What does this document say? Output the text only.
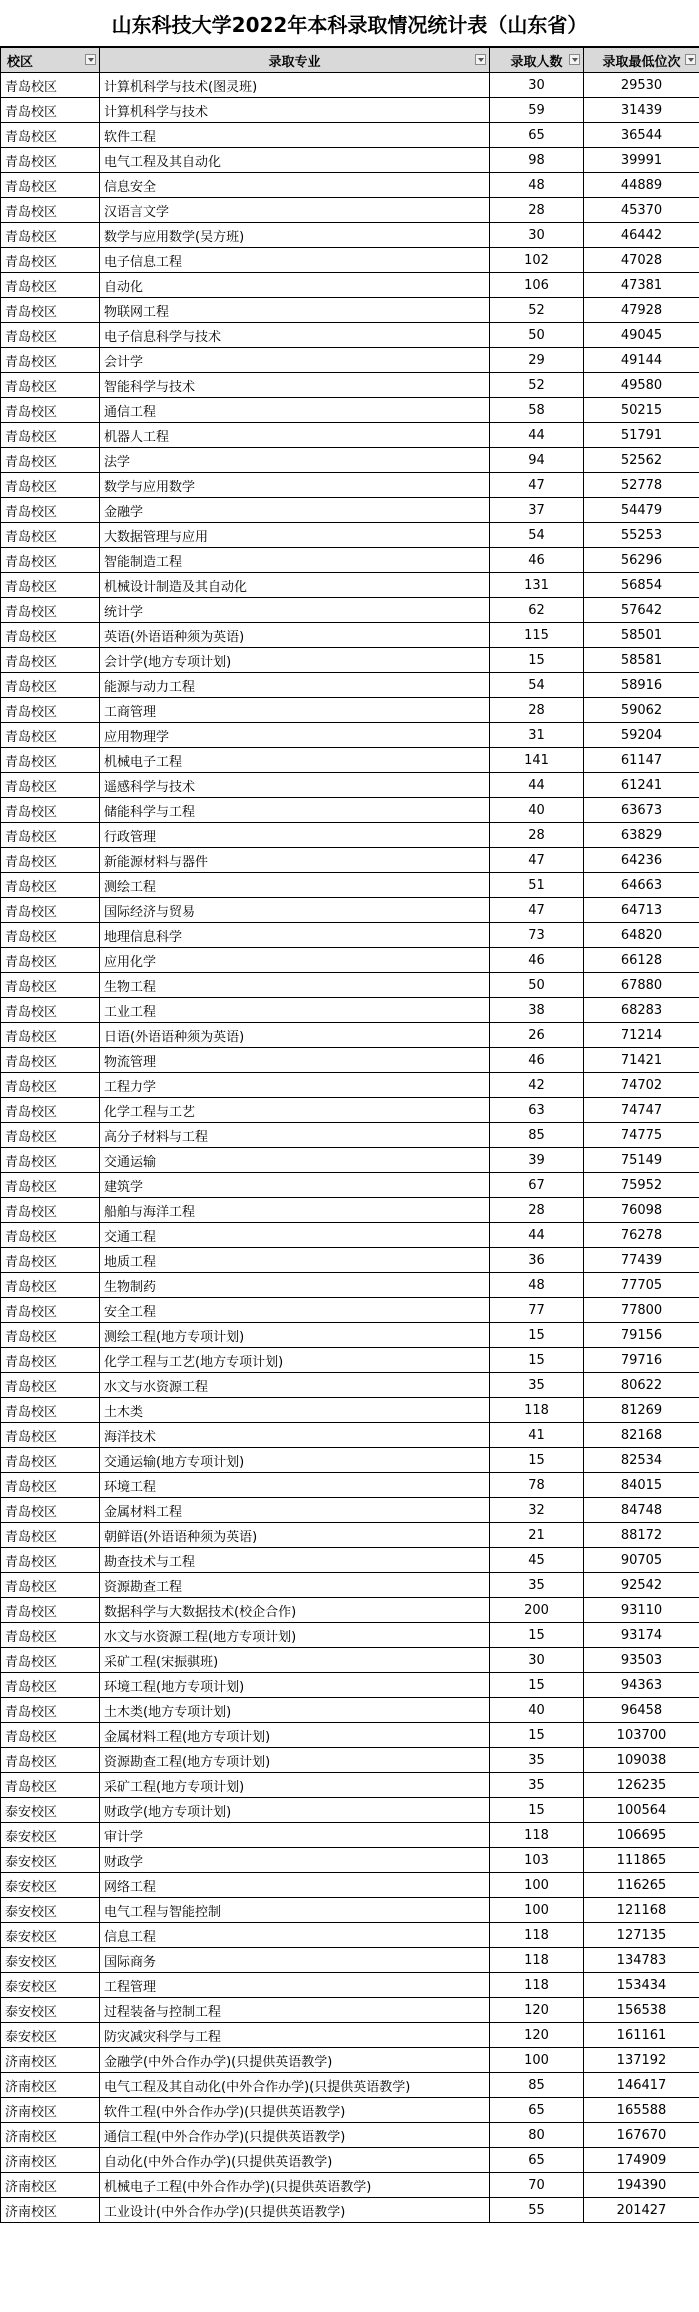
山东科技大学2022年本科录取情况统计表（山东省）
校区	录取专业	录取人数	录取最低位次

青岛校区	计算机科学与技术(图灵班)	30	29530
青岛校区	计算机科学与技术	59	31439
青岛校区	软件工程	65	36544
青岛校区	电气工程及其自动化	98	39991
青岛校区	信息安全	48	44889
青岛校区	汉语言文学	28	45370
青岛校区	数学与应用数学(吴方班)	30	46442
青岛校区	电子信息工程	102	47028
青岛校区	自动化	106	47381
青岛校区	物联网工程	52	47928
青岛校区	电子信息科学与技术	50	49045
青岛校区	会计学	29	49144
青岛校区	智能科学与技术	52	49580
青岛校区	通信工程	58	50215
青岛校区	机器人工程	44	51791
青岛校区	法学	94	52562
青岛校区	数学与应用数学	47	52778
青岛校区	金融学	37	54479
青岛校区	大数据管理与应用	54	55253
青岛校区	智能制造工程	46	56296
青岛校区	机械设计制造及其自动化	131	56854
青岛校区	统计学	62	57642
青岛校区	英语(外语语种须为英语)	115	58501
青岛校区	会计学(地方专项计划)	15	58581
青岛校区	能源与动力工程	54	58916
青岛校区	工商管理	28	59062
青岛校区	应用物理学	31	59204
青岛校区	机械电子工程	141	61147
青岛校区	遥感科学与技术	44	61241
青岛校区	储能科学与工程	40	63673
青岛校区	行政管理	28	63829
青岛校区	新能源材料与器件	47	64236
青岛校区	测绘工程	51	64663
青岛校区	国际经济与贸易	47	64713
青岛校区	地理信息科学	73	64820
青岛校区	应用化学	46	66128
青岛校区	生物工程	50	67880
青岛校区	工业工程	38	68283
青岛校区	日语(外语语种须为英语)	26	71214
青岛校区	物流管理	46	71421
青岛校区	工程力学	42	74702
青岛校区	化学工程与工艺	63	74747
青岛校区	高分子材料与工程	85	74775
青岛校区	交通运输	39	75149
青岛校区	建筑学	67	75952
青岛校区	船舶与海洋工程	28	76098
青岛校区	交通工程	44	76278
青岛校区	地质工程	36	77439
青岛校区	生物制药	48	77705
青岛校区	安全工程	77	77800
青岛校区	测绘工程(地方专项计划)	15	79156
青岛校区	化学工程与工艺(地方专项计划)	15	79716
青岛校区	水文与水资源工程	35	80622
青岛校区	土木类	118	81269
青岛校区	海洋技术	41	82168
青岛校区	交通运输(地方专项计划)	15	82534
青岛校区	环境工程	78	84015
青岛校区	金属材料工程	32	84748
青岛校区	朝鲜语(外语语种须为英语)	21	88172
青岛校区	勘查技术与工程	45	90705
青岛校区	资源勘查工程	35	92542
青岛校区	数据科学与大数据技术(校企合作)	200	93110
青岛校区	水文与水资源工程(地方专项计划)	15	93174
青岛校区	采矿工程(宋振骐班)	30	93503
青岛校区	环境工程(地方专项计划)	15	94363
青岛校区	土木类(地方专项计划)	40	96458
青岛校区	金属材料工程(地方专项计划)	15	103700
青岛校区	资源勘查工程(地方专项计划)	35	109038
青岛校区	采矿工程(地方专项计划)	35	126235
泰安校区	财政学(地方专项计划)	15	100564
泰安校区	审计学	118	106695
泰安校区	财政学	103	111865
泰安校区	网络工程	100	116265
泰安校区	电气工程与智能控制	100	121168
泰安校区	信息工程	118	127135
泰安校区	国际商务	118	134783
泰安校区	工程管理	118	153434
泰安校区	过程装备与控制工程	120	156538
泰安校区	防灾减灾科学与工程	120	161161
济南校区	金融学(中外合作办学)(只提供英语教学)	100	137192
济南校区	电气工程及其自动化(中外合作办学)(只提供英语教学)	85	146417
济南校区	软件工程(中外合作办学)(只提供英语教学)	65	165588
济南校区	通信工程(中外合作办学)(只提供英语教学)	80	167670
济南校区	自动化(中外合作办学)(只提供英语教学)	65	174909
济南校区	机械电子工程(中外合作办学)(只提供英语教学)	70	194390
济南校区	工业设计(中外合作办学)(只提供英语教学)	55	201427
